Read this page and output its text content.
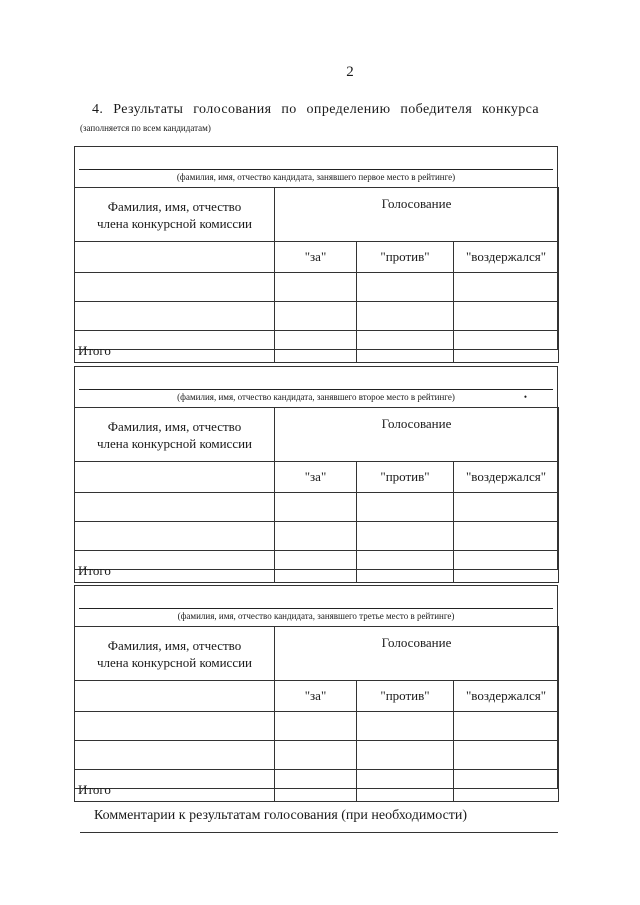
2
4. Результаты голосования по определению победителя конкурса
(заполняется по всем кандидатам)
(фамилия, имя, отчество кандидата, занявшего первое место в рейтинге)
Фамилия, имя, отчество
члена конкурсной комиссии	Голосование		
	"за"	"против"	"воздержался"

Итого			
(фамилия, имя, отчество кандидата, занявшего второе место в рейтинге)	•
Фамилия, имя, отчество
члена конкурсной комиссии	Голосование		
	"за"	"против"	"воздержался"

Итого			
(фамилия, имя, отчество кандидата, занявшего третье место в рейтинге)
Фамилия, имя, отчество
члена конкурсной комиссии	Голосование		
	"за"	"против"	"воздержался"

Итого			
Комментарии к результатам голосования (при необходимости)
